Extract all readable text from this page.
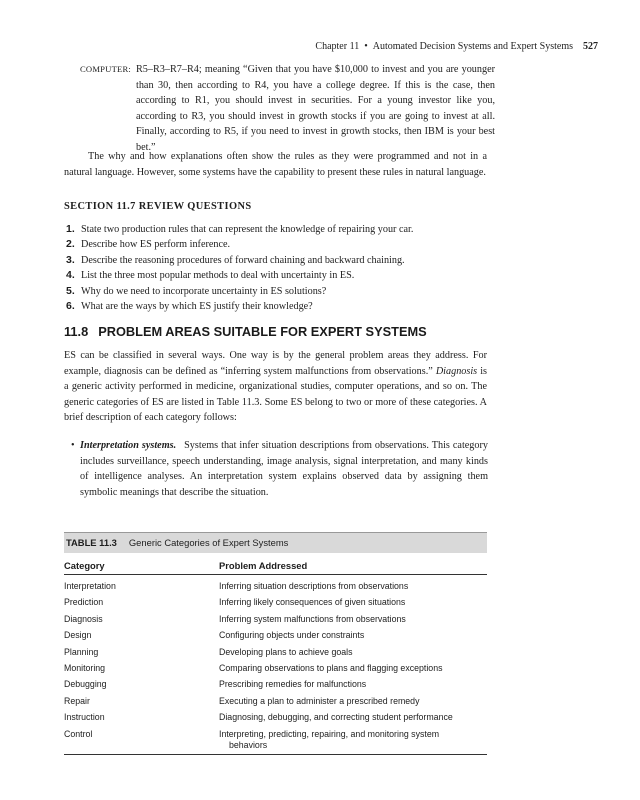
Chapter 11 • Automated Decision Systems and Expert Systems 527
COMPUTER: R5–R3–R7–R4; meaning “Given that you have $10,000 to invest and you are younger than 30, then according to R4, you have a college degree. If this is the case, then according to R1, you should invest in securities. For a young investor like you, according to R3, you should invest in growth stocks if you are going to invest at all. Finally, according to R5, if you need to invest in growth stocks, then IBM is your best bet.”

The why and how explanations often show the rules as they were programmed and not in a natural language. However, some systems have the capability to present these rules in natural language.

SECTION 11.7 REVIEW QUESTIONS
1. State two production rules that can represent the knowledge of repairing your car.
2. Describe how ES perform inference.
3. Describe the reasoning procedures of forward chaining and backward chaining.
4. List the three most popular methods to deal with uncertainty in ES.
5. Why do we need to incorporate uncertainty in ES solutions?
6. What are the ways by which ES justify their knowledge?
11.8 PROBLEM AREAS SUITABLE FOR EXPERT SYSTEMS

ES can be classified in several ways. One way is by the general problem areas they address. For example, diagnosis can be defined as “inferring system malfunctions from observations.” Diagnosis is a generic activity performed in medicine, organizational studies, computer operations, and so on. The generic categories of ES are listed in Table 11.3. Some ES belong to two or more of these categories. A brief description of each category follows:

• Interpretation systems. Systems that infer situation descriptions from observations. This category includes surveillance, speech understanding, image analysis, signal interpretation, and many kinds of intelligence analyses. An interpretation system explains observed data by assigning them symbolic meanings that describe the situation.
TABLE 11.3 Generic Categories of Expert Systems
Category	Problem Addressed
Interpretation	Inferring situation descriptions from observations
Prediction	Inferring likely consequences of given situations
Diagnosis	Inferring system malfunctions from observations
Design	Configuring objects under constraints
Planning	Developing plans to achieve goals
Monitoring	Comparing observations to plans and flagging exceptions
Debugging	Prescribing remedies for malfunctions
Repair	Executing a plan to administer a prescribed remedy
Instruction	Diagnosing, debugging, and correcting student performance
Control	Interpreting, predicting, repairing, and monitoring system
behaviors
